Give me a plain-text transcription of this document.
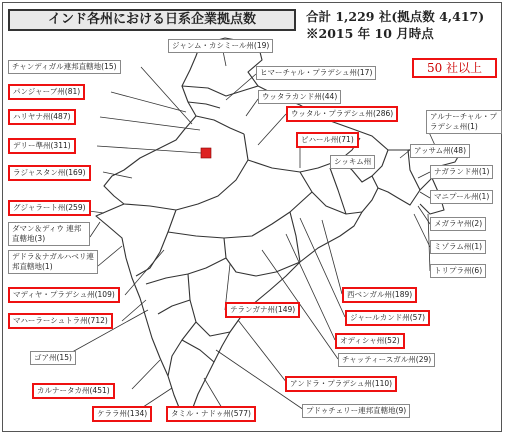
インド各州における日系企業拠点数	合計 1,229 社(拠点数 4,417)
※2015 年 10 月時点
50 社以上
ジャンム・カシミール州(19)
チャンディガル連邦直轄地(15)
ヒマーチャル・プラデシュ州(17)
パンジャーブ州(81)
ウッタラカンド州(44)
ハリヤナ州(487)	ウッタル・プラデシュ州(286)	アルナーチャル・プラデシュ州(1)
デリー準州(311)
ビハール州(71)
アッサム州(48)
シッキム州
ラジャスタン州(169)	ナガランド州(1)
マニプール州(1)
グジャラート州(259)
ダマン＆ディウ 連邦直轄地(3)
メガラヤ州(2)
ミゾラム州(1)
デドラ＆ナガルハベリ連邦直轄地(1)	トリプラ州(6)
マディヤ・プラデシュ州(109)	西ベンガル州(189)
マハーラーシュトラ州(712)
テランガナ州(149)
ジャールカンド州(57)
オディシャ州(52)
ゴア州(15)	チャッティースガル州(29)
カルナータカ州(451)
アンドラ・プラデシュ州(110)
ケララ州(134)	タミル・ナドゥ州(577)	プドゥチェリー連邦直轄地(9)
